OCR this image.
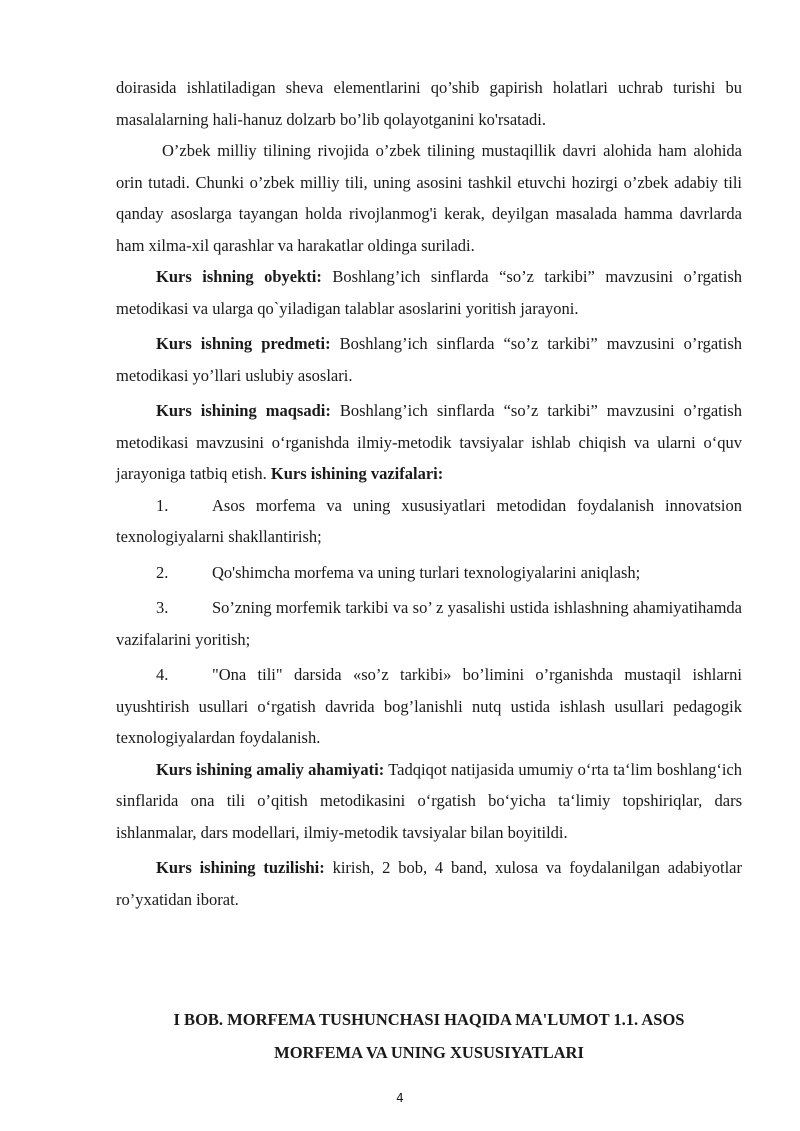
doirasida ishlatiladigan sheva elementlarini qo’shib gapirish holatlari uchrab turishi bu masalalarning hali-hanuz dolzarb bo’lib qolayotganini ko'rsatadi.

O’zbek milliy tilining rivojida o’zbek tilining mustaqillik davri alohida ham alohida orin tutadi. Chunki o’zbek milliy tili, uning asosini tashkil etuvchi hozirgi o’zbek adabiy tili qanday asoslarga tayangan holda rivojlanmog'i kerak, deyilgan masalada hamma davrlarda ham xilma-xil qarashlar va harakatlar oldinga suriladi.

Kurs ishning obyekti: Boshlang’ich sinflarda “so’z tarkibi” mavzusini o’rgatish metodikasi va ularga qo`yiladigan talablar asoslarini yoritish jarayoni.

Kurs ishning predmeti: Boshlang’ich sinflarda “so’z tarkibi” mavzusini o’rgatish metodikasi yo’llari uslubiy asoslari.

Kurs ishining maqsadi: Boshlang’ich sinflarda “so’z tarkibi” mavzusini o’rgatish metodikasi mavzusini o‘rganishda ilmiy-metodik tavsiyalar ishlab chiqish va ularni o‘quv jarayoniga tatbiq etish. Kurs ishining vazifalari:

1.	Asos morfema va uning xususiyatlari metodidan foydalanish innovatsion texnologiyalarni shakllantirish;

2.	Qo'shimcha morfema va uning turlari texnologiyalarini aniqlash;

3.	So’zning morfemik tarkibi va so’ z yasalishi ustida ishlashning ahamiyatihamda vazifalarini yoritish;

4.	"Ona tili" darsida «so’z tarkibi» bo’limini o’rganishda mustaqil ishlarni uyushtirish usullari o‘rgatish davrida bog’lanishli nutq ustida ishlash usullari pedagogik texnologiyalardan foydalanish.

Kurs ishining amaliy ahamiyati: Tadqiqot natijasida umumiy o‘rta ta‘lim boshlang‘ich sinflarida ona tili o’qitish metodikasini o‘rgatish bo‘yicha ta‘limiy topshiriqlar, dars ishlanmalar, dars modellari, ilmiy-metodik tavsiyalar bilan boyitildi.

Kurs ishining tuzilishi: kirish, 2 bob, 4 band, xulosa va foydalanilgan adabiyotlar ro’yxatidan iborat.

I BOB. MORFEMA TUSHUNCHASI HAQIDA MA'LUMOT 1.1. ASOS
MORFEMA VA UNING XUSUSIYATLARI
4
